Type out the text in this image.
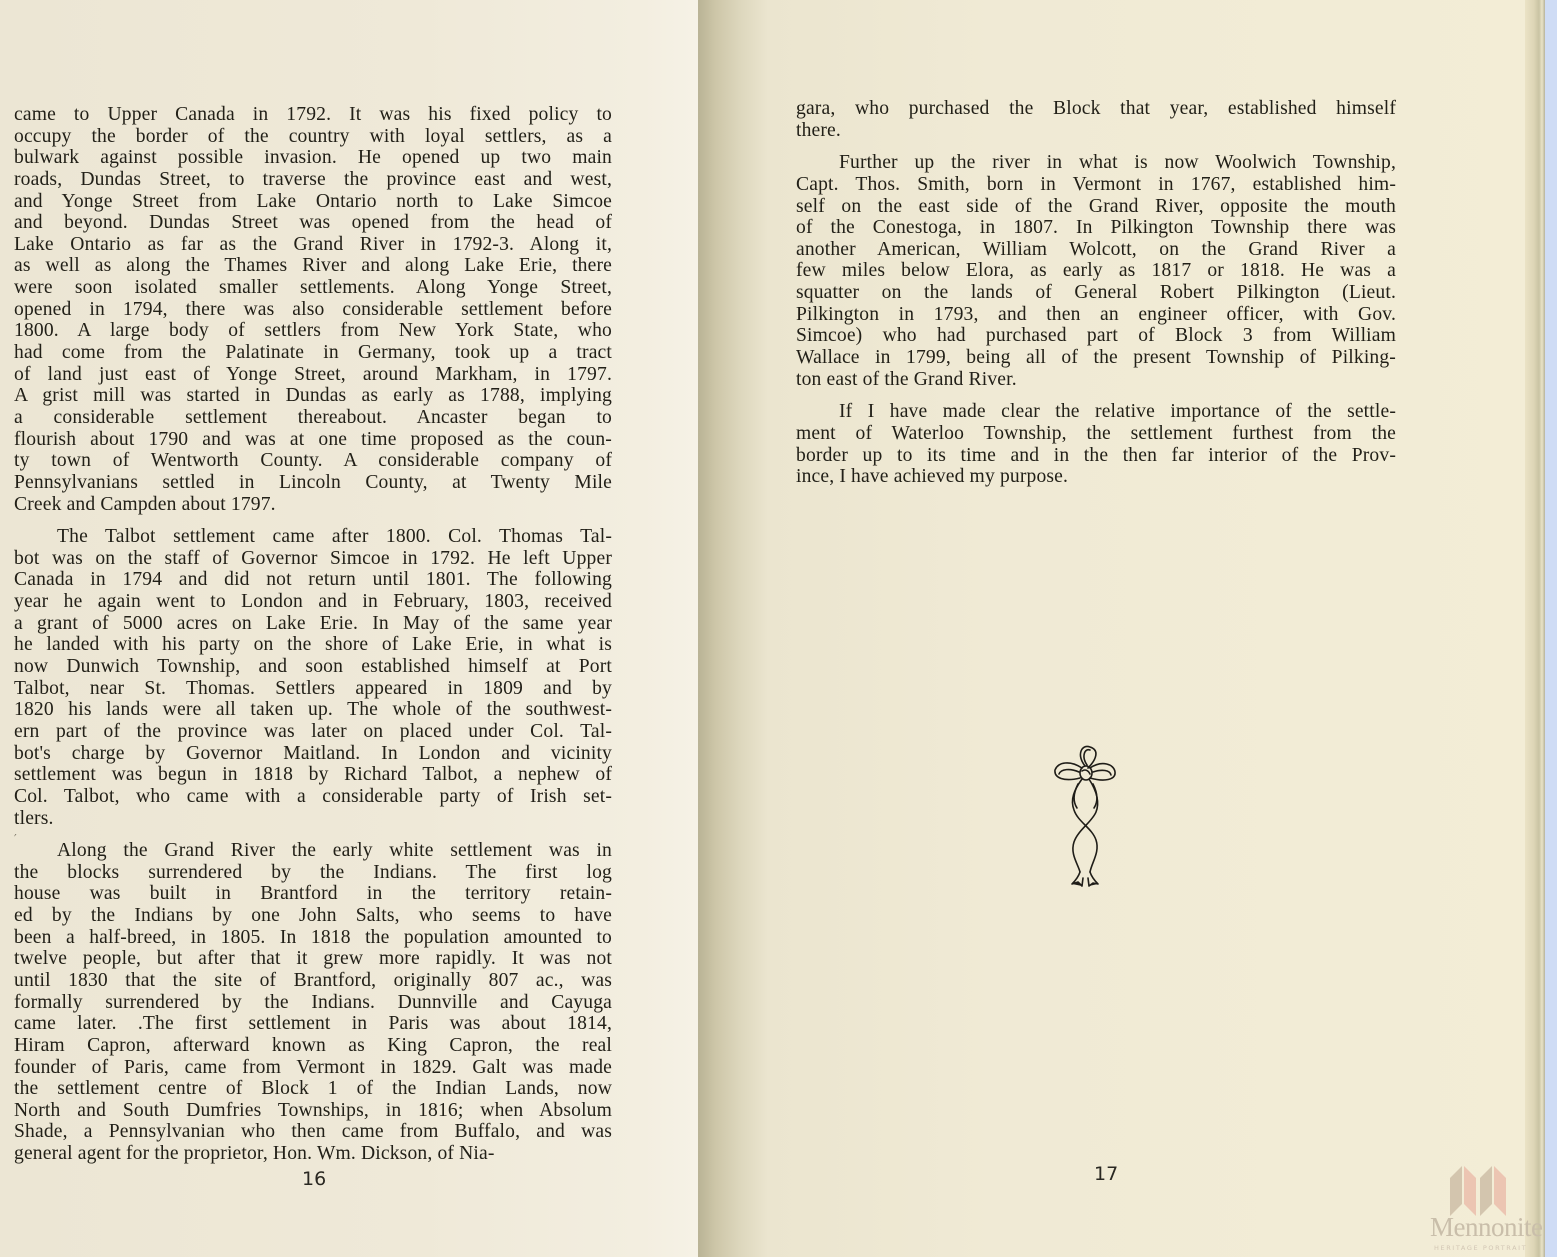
′
came to Upper Canada in 1792. It was his fixed policy to
occupy the border of the country with loyal settlers, as a
bulwark against possible invasion. He opened up two main
roads, Dundas Street, to traverse the province east and west,
and Yonge Street from Lake Ontario north to Lake Simcoe
and beyond. Dundas Street was opened from the head of
Lake Ontario as far as the Grand River in 1792-3. Along it,
as well as along the Thames River and along Lake Erie, there
were soon isolated smaller settlements. Along Yonge Street,
opened in 1794, there was also considerable settlement before
1800. A large body of settlers from New York State, who
had come from the Palatinate in Germany, took up a tract
of land just east of Yonge Street, around Markham, in 1797.
A grist mill was started in Dundas as early as 1788, implying
a considerable settlement thereabout. Ancaster began to
flourish about 1790 and was at one time proposed as the coun-
ty town of Wentworth County. A considerable company of
Pennsylvanians settled in Lincoln County, at Twenty Mile
Creek and Campden about 1797.
The Talbot settlement came after 1800. Col. Thomas Tal-
bot was on the staff of Governor Simcoe in 1792. He left Upper
Canada in 1794 and did not return until 1801. The following
year he again went to London and in February, 1803, received
a grant of 5000 acres on Lake Erie. In May of the same year
he landed with his party on the shore of Lake Erie, in what is
now Dunwich Township, and soon established himself at Port
Talbot, near St. Thomas. Settlers appeared in 1809 and by
1820 his lands were all taken up. The whole of the southwest-
ern part of the province was later on placed under Col. Tal-
bot's charge by Governor Maitland. In London and vicinity
settlement was begun in 1818 by Richard Talbot, a nephew of
Col. Talbot, who came with a considerable party of Irish set-
tlers.
Along the Grand River the early white settlement was in
the blocks surrendered by the Indians. The first log
house was built in Brantford in the territory retain-
ed by the Indians by one John Salts, who seems to have
been a half-breed, in 1805. In 1818 the population amounted to
twelve people, but after that it grew more rapidly. It was not
until 1830 that the site of Brantford, originally 807 ac., was
formally surrendered by the Indians. Dunnville and Cayuga
came later. .The first settlement in Paris was about 1814,
Hiram Capron, afterward known as King Capron, the real
founder of Paris, came from Vermont in 1829. Galt was made
the settlement centre of Block 1 of the Indian Lands, now
North and South Dumfries Townships, in 1816; when Absolum
Shade, a Pennsylvanian who then came from Buffalo, and was
general agent for the proprietor, Hon. Wm. Dickson, of Nia-
16
gara, who purchased the Block that year, established himself
there.
Further up the river in what is now Woolwich Township,
Capt. Thos. Smith, born in Vermont in 1767, established him-
self on the east side of the Grand River, opposite the mouth
of the Conestoga, in 1807. In Pilkington Township there was
another American, William Wolcott, on the Grand River a
few miles below Elora, as early as 1817 or 1818. He was a
squatter on the lands of General Robert Pilkington (Lieut.
Pilkington in 1793, and then an engineer officer, with Gov.
Simcoe) who had purchased part of Block 3 from William
Wallace in 1799, being all of the present Township of Pilking-
ton east of the Grand River.
If I have made clear the relative importance of the settle-
ment of Waterloo Township, the settlement furthest from the
border up to its time and in the then far interior of the Prov-
ince, I have achieved my purpose.
17
Mennonite
HERITAGE PORTRAIT
